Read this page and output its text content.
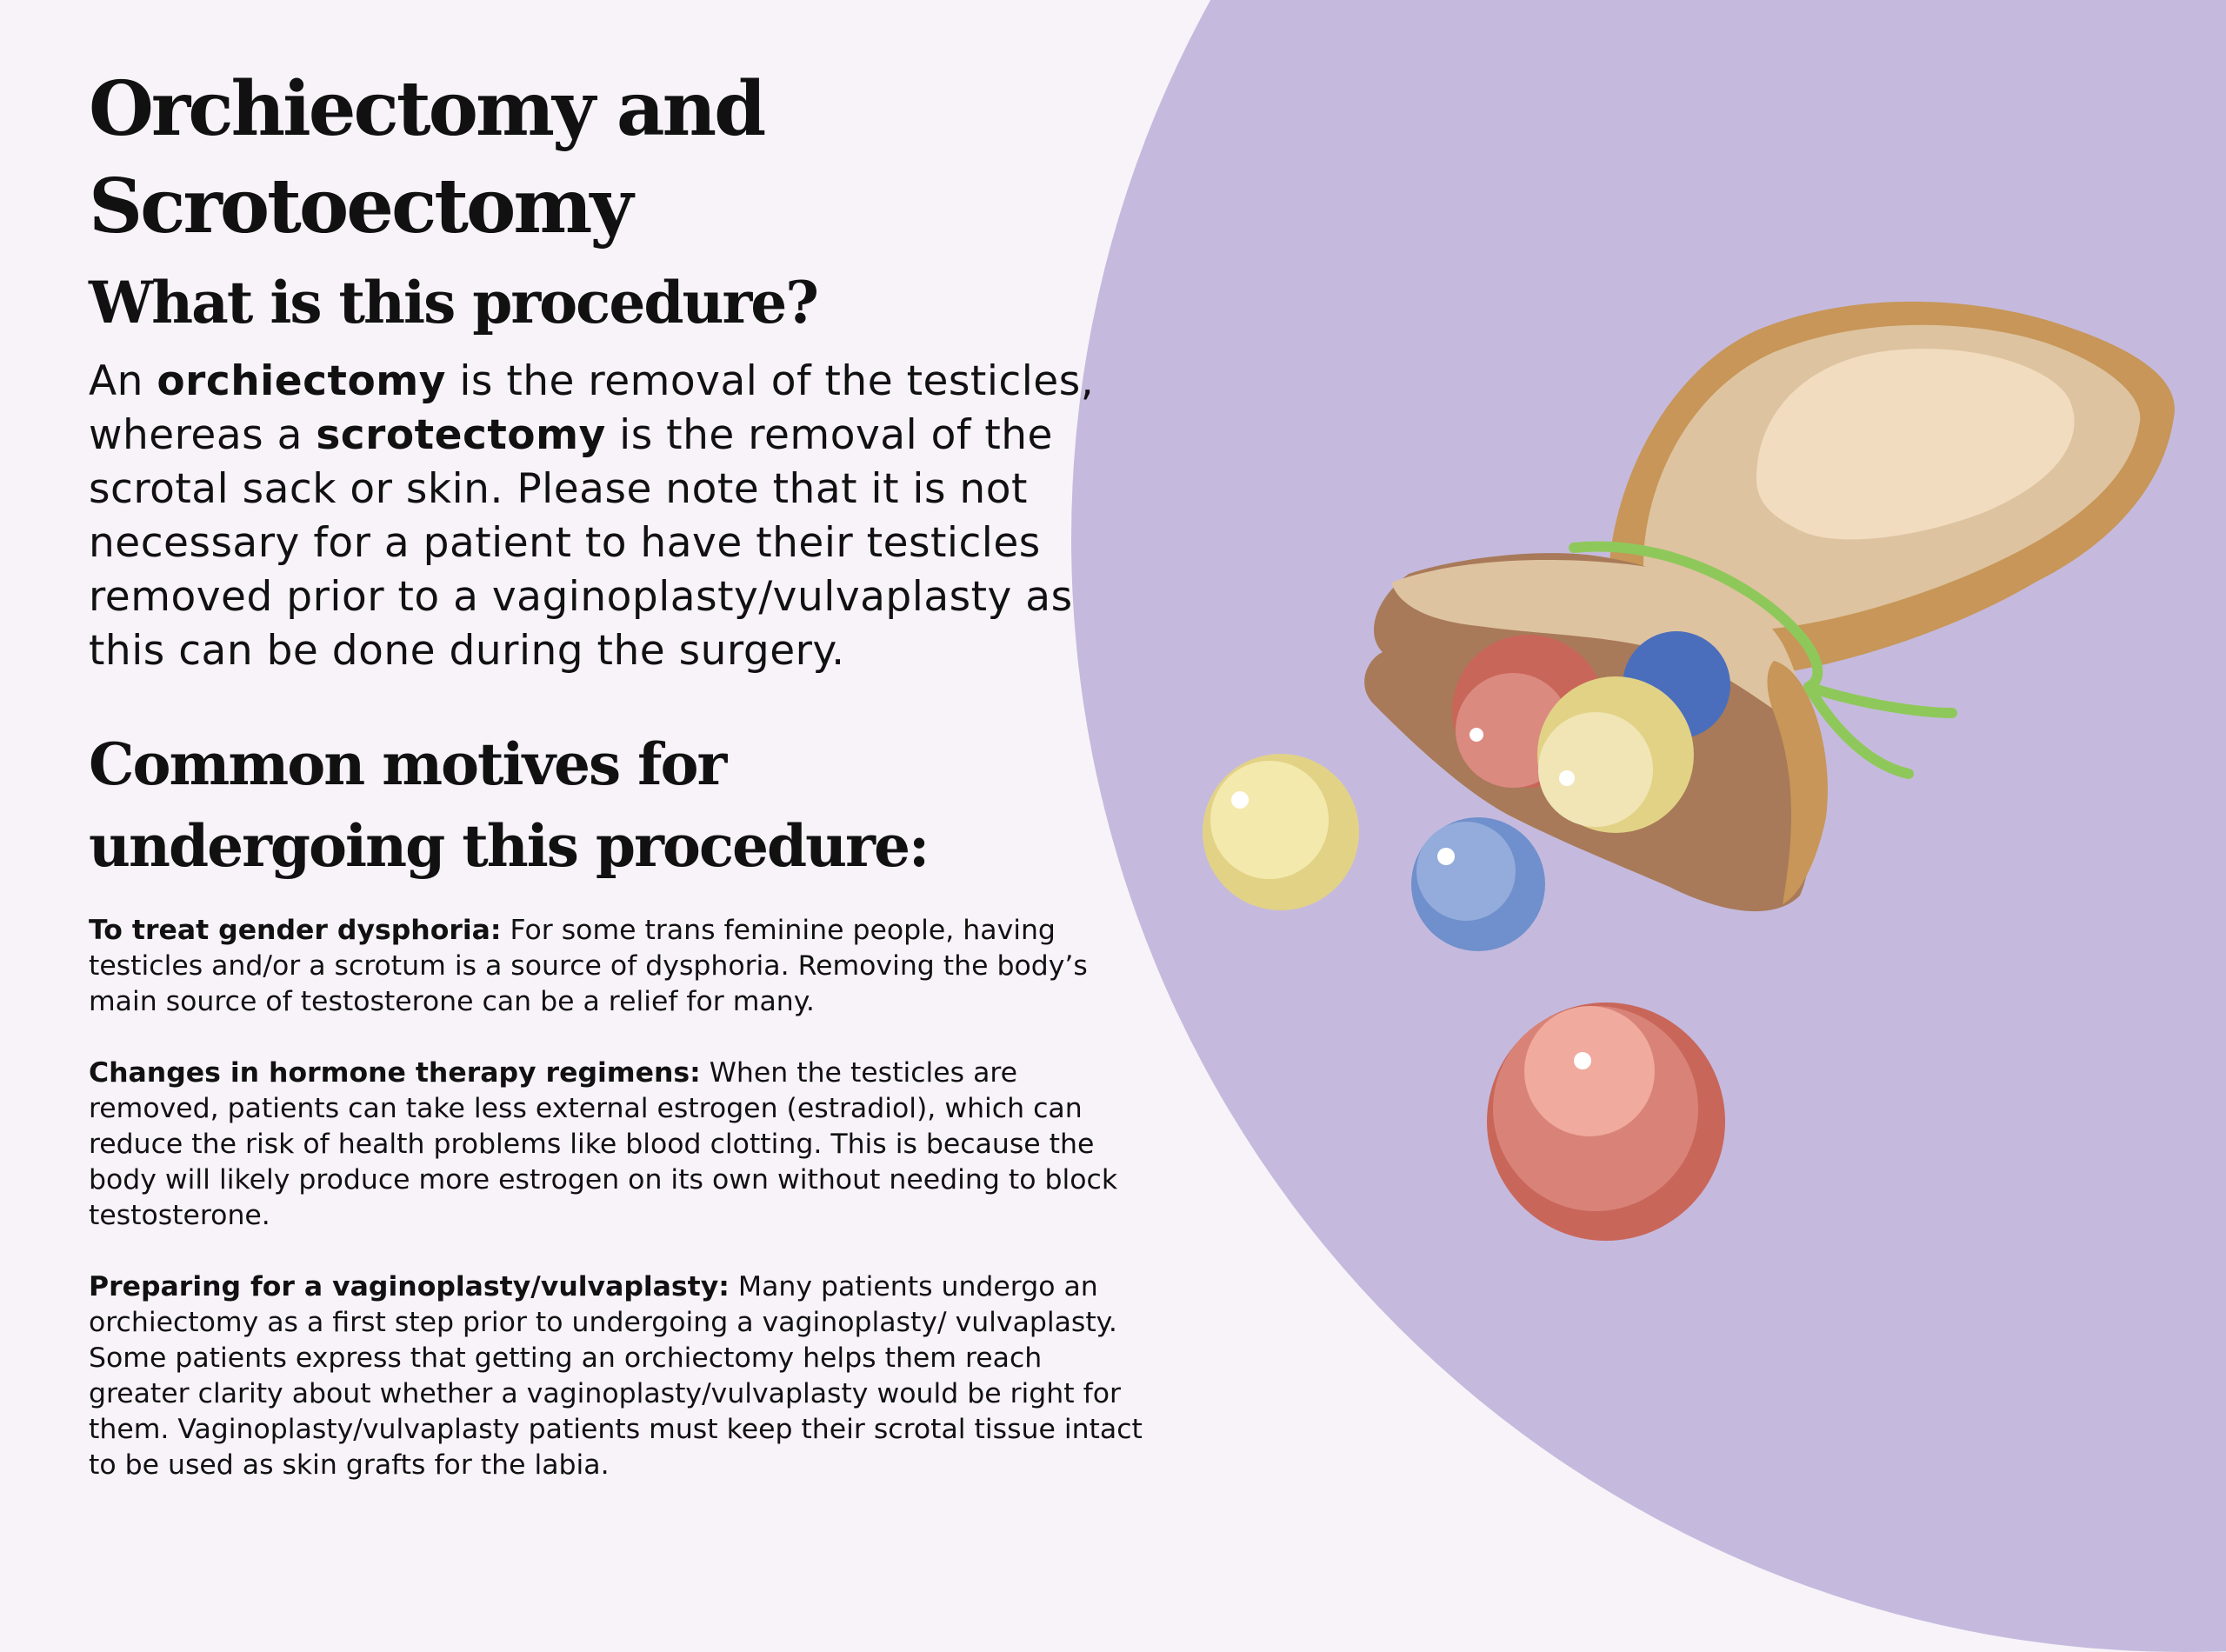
Orchiectomy and Scrotoectomy
What is this procedure?

An orchiectomy is the removal of the testicles, whereas a scrotectomy is the removal of the scrotal sack or skin. Please note that it is not necessary for a patient to have their testicles removed prior to a vaginoplasty/vulvaplasty as this can be done during the surgery.

Common motives for undergoing this procedure:

To treat gender dysphoria: For some trans feminine people, having testicles and/or a scrotum is a source of dysphoria. Removing the body’s main source of testosterone can be a relief for many.

Changes in hormone therapy regimens: When the testicles are removed, patients can take less external estrogen (estradiol), which can reduce the risk of health problems like blood clotting. This is because the body will likely produce more estrogen on its own without needing to block testosterone.

Preparing for a vaginoplasty/vulvaplasty: Many patients undergo an orchiectomy as a first step prior to undergoing a vaginoplasty/ vulvaplasty. Some patients express that getting an orchiectomy helps them reach greater clarity about whether a vaginoplasty/vulvaplasty would be right for them. Vaginoplasty/vulvaplasty patients must keep their scrotal tissue intact to be used as skin grafts for the labia.
